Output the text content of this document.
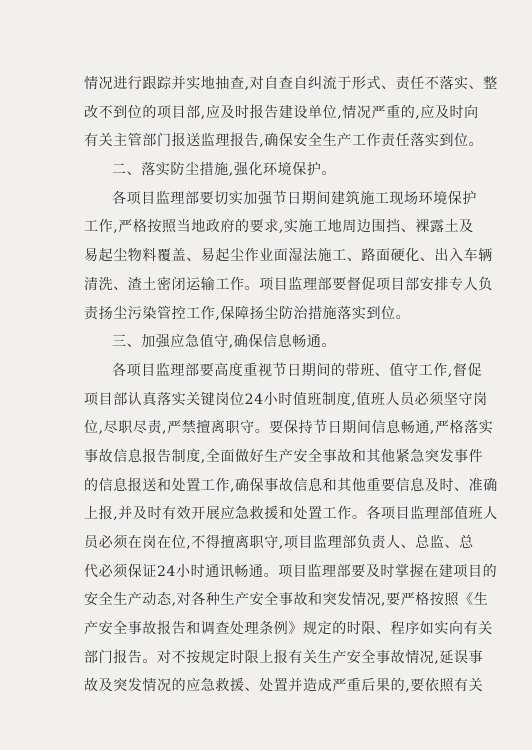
情况进行跟踪并实地抽查,对自查自纠流于形式、责任不落实、整
改不到位的项目部,应及时报告建设单位,情况严重的,应及时向
有关主管部门报送监理报告,确保安全生产工作责任落实到位。
二、落实防尘措施,强化环境保护。
各项目监理部要切实加强节日期间建筑施工现场环境保护
工作,严格按照当地政府的要求,实施工地周边围挡、裸露土及
易起尘物料覆盖、易起尘作业面湿法施工、路面硬化、出入车辆
清洗、渣土密闭运输工作。项目监理部要督促项目部安排专人负
责扬尘污染管控工作,保障扬尘防治措施落实到位。
三、加强应急值守,确保信息畅通。
各项目监理部要高度重视节日期间的带班、值守工作,督促
项目部认真落实关键岗位24小时值班制度,值班人员必须坚守岗
位,尽职尽责,严禁擅离职守。要保持节日期间信息畅通,严格落实
事故信息报告制度,全面做好生产安全事故和其他紧急突发事件
的信息报送和处置工作,确保事故信息和其他重要信息及时、准确
上报,并及时有效开展应急救援和处置工作。各项目监理部值班人
员必须在岗在位,不得擅离职守,项目监理部负责人、总监、总
代必须保证24小时通讯畅通。项目监理部要及时掌握在建项目的
安全生产动态,对各种生产安全事故和突发情况,要严格按照《生
产安全事故报告和调查处理条例》规定的时限、程序如实向有关
部门报告。对不按规定时限上报有关生产安全事故情况,延误事
故及突发情况的应急救援、处置并造成严重后果的,要依照有关
